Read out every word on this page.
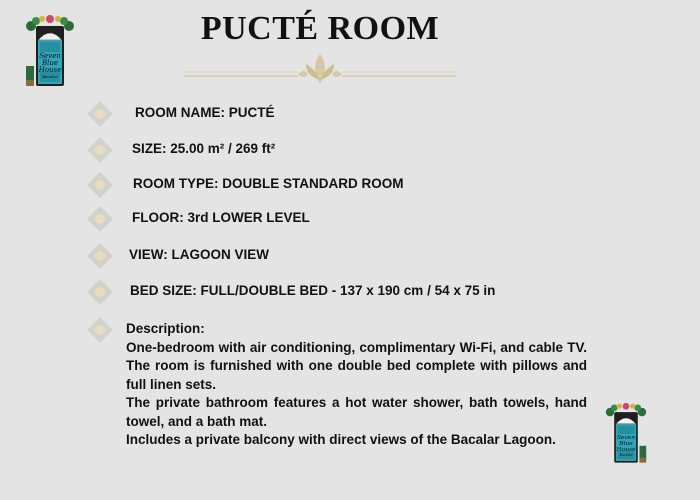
Seven
Blue
House
Bacalar
PUCTÉ ROOM
ROOM NAME: PUCTÉ
SIZE: 25.00 m² / 269 ft²
ROOM TYPE: DOUBLE STANDARD ROOM
FLOOR: 3rd LOWER LEVEL
VIEW: LAGOON VIEW
BED SIZE: FULL/DOUBLE BED - 137 x 190 cm / 54 x 75 in

Description:

One-bedroom with air conditioning, complimentary Wi-Fi, and cable TV. The room is furnished with one double bed complete with pillows and full linen sets.

The private bathroom features a hot water shower, bath towels, hand towel, and a bath mat.

Includes a private balcony with direct views of the Bacalar Lagoon.	Seven
Blue
House
Bacalar
